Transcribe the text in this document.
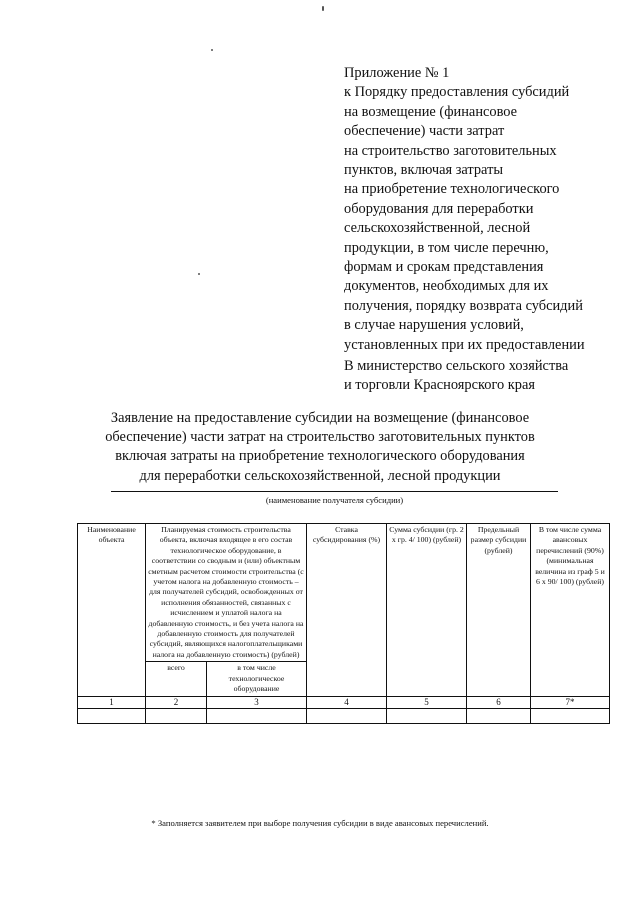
Приложение № 1
к Порядку предоставления субсидий
на возмещение (финансовое
обеспечение) части затрат
на строительство заготовительных
пунктов, включая затраты
на приобретение технологического
оборудования для переработки
сельскохозяйственной, лесной
продукции, в том числе перечню,
формам и срокам представления
документов, необходимых для их
получения, порядку возврата субсидий
в случае нарушения условий,
установленных при их предоставлении
В министерство сельского хозяйства
и торговли Красноярского края
Заявление на предоставление субсидии на возмещение (финансовое
обеспечение) части затрат на строительство заготовительных пунктов
включая затраты на приобретение технологического оборудования
для переработки сельскохозяйственной, лесной продукции
(наименование получателя субсидии)
Наименование объекта	Планируемая стоимость строительства объекта, включая входящее в его состав технологическое оборудование, в соответствии со сводным и (или) объектным сметным расчетом стоимости строительства (с учетом налога на добавленную стоимость – для получателей субсидий, освобожденных от исполнения обязанностей, связанных с исчислением и уплатой налога на добавленную стоимость, и без учета налога на добавленную стоимость для получателей субсидий, являющихся налогоплательщиками налога на добавленную стоимость) (рублей)		Ставка субсидирования (%)	Сумма субсидии (гр. 2 х гр. 4/ 100) (рублей)	Предельный размер субсидии (рублей)	В том числе сумма авансовых перечислений (90%) (минимальная величина из граф 5 и 6 х 90/ 100) (рублей)
	всего	в том числе технологическое оборудование				
1	2	3	4	5	6	7*

* Заполняется заявителем при выборе получения субсидии в виде авансовых перечислений.
